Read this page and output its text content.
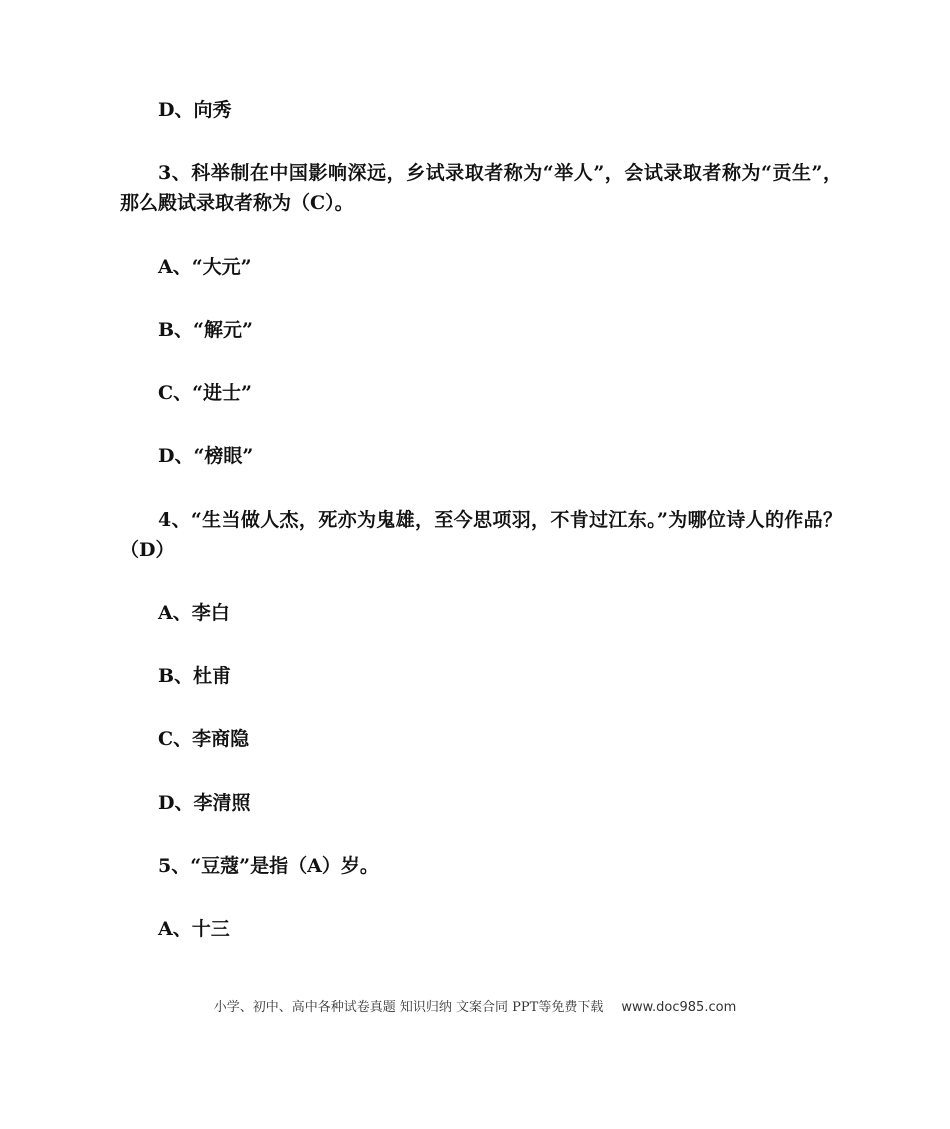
D、向秀
3、科举制在中国影响深远，乡试录取者称为“举人”，会试录取者称为“贡生”，
那么殿试录取者称为（C）。
A、“大元”
B、“解元”
C、“进士”
D、“榜眼”
4、“生当做人杰，死亦为鬼雄，至今思项羽，不肯过江东。”为哪位诗人的作品？
（D）
A、李白
B、杜甫
C、李商隐
D、李清照
5、“豆蔻”是指（A）岁。
A、十三
小学、初中、高中各种试卷真题 知识归纳 文案合同 PPT等免费下载 www.doc985.com
